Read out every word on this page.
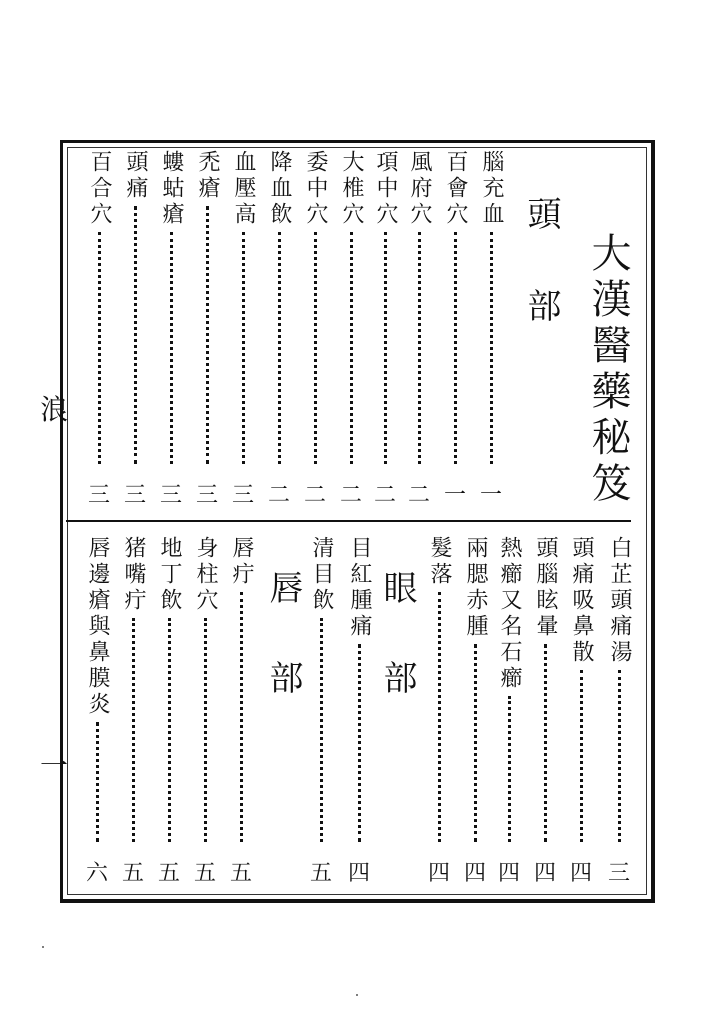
浪
一
大漢醫藥秘笈
頭部
腦充血
一
百會穴
一
風府穴
二
項中穴
二
大椎穴
二
委中穴
二
降血飲
二
血壓高
三
禿瘡
三
螻蛄瘡
三
頭痛
三
百合穴
三
白芷頭痛湯
三
頭痛吸鼻散
四
頭腦眩暈
四
熱癤又名石癤
四
兩腮赤腫
四
髮落
四
眼部
目紅腫痛
四
清目飲
五
唇部
唇疔
五
身柱穴
五
地丁飲
五
猪嘴疔
五
唇邊瘡與鼻膜炎
六
